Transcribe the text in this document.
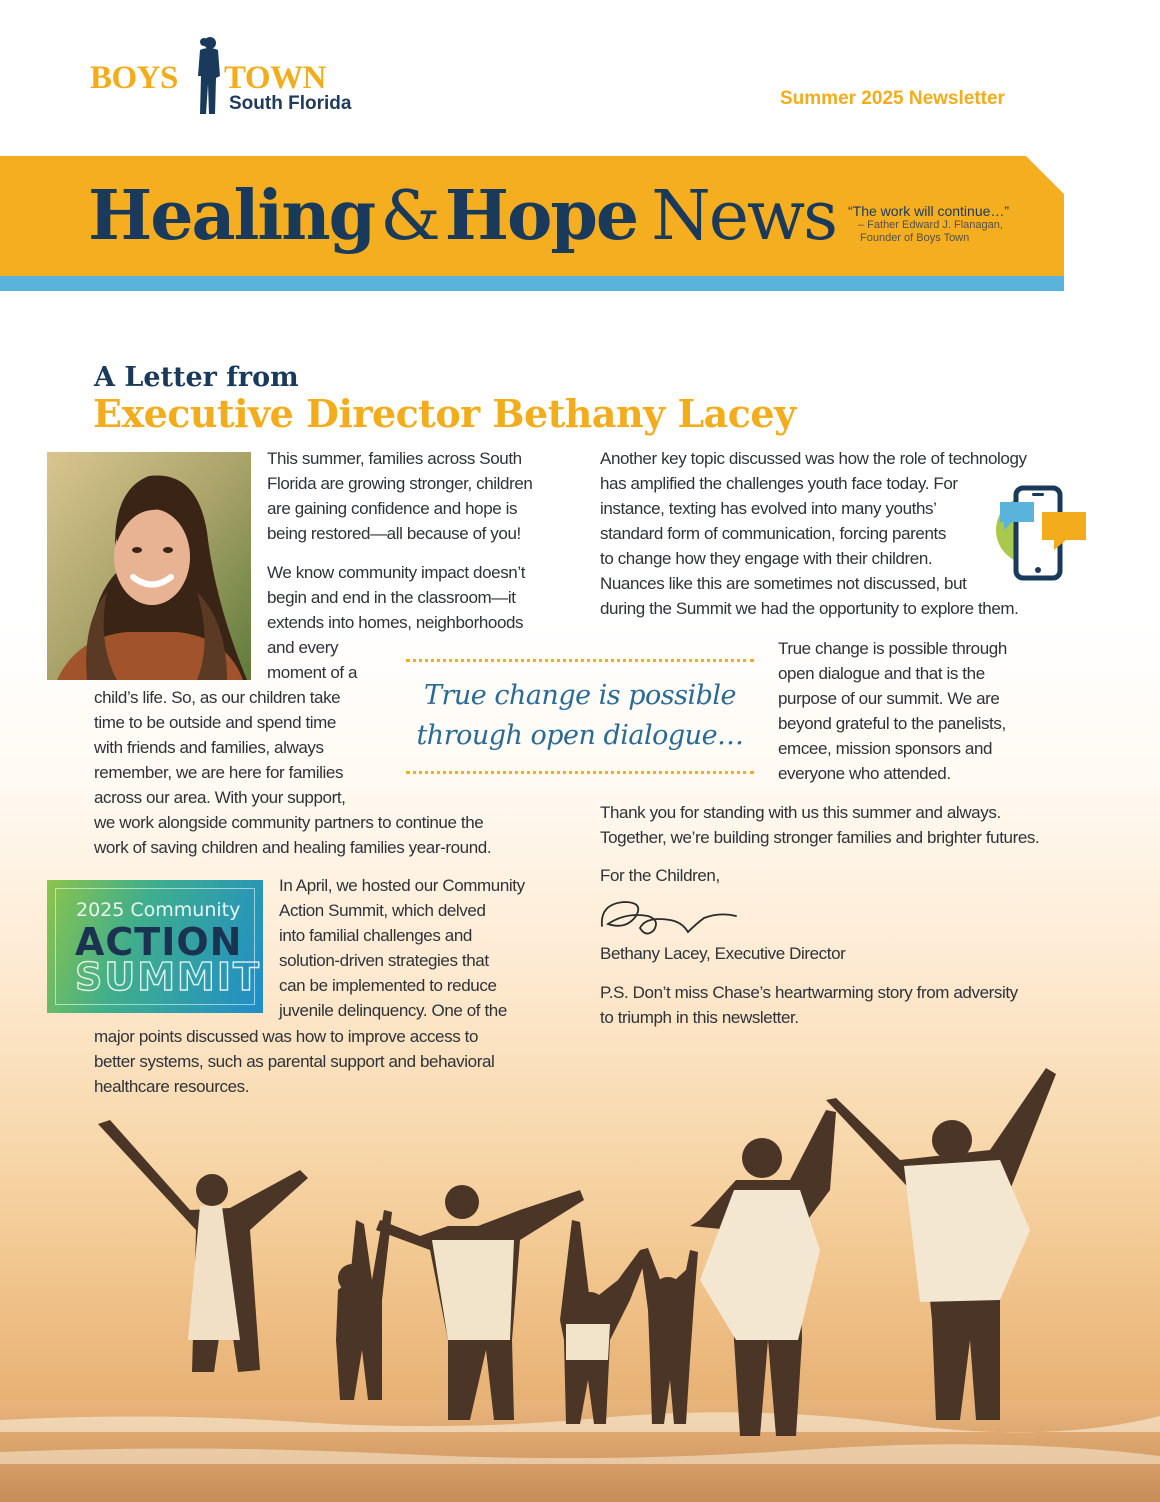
BOYS TOWN
South Florida	Summer 2025 Newsletter
Healing&Hope News “The work will continue…”
– Father Edward J. Flanagan,
Founder of Boys Town
A Letter from
Executive Director Bethany Lacey
This summer, families across South
Florida are growing stronger, children
are gaining confidence and hope is
being restored—all because of you!
We know community impact doesn’t
begin and end in the classroom—it
extends into homes, neighborhoods
and every
moment of a
child’s life. So, as our children take
time to be outside and spend time
with friends and families, always
remember, we are here for families
across our area. With your support,
we work alongside community partners to continue the
work of saving children and healing families year-round.
In April, we hosted our Community
Action Summit, which delved
into familial challenges and
solution-driven strategies that
can be implemented to reduce
juvenile delinquency. One of the
major points discussed was how to improve access to
better systems, such as parental support and behavioral
healthcare resources.
2025 Community
ACTION
SUMMIT
True change is possible
through open dialogue…
Another key topic discussed was how the role of technology
has amplified the challenges youth face today. For
instance, texting has evolved into many youths’
standard form of communication, forcing parents
to change how they engage with their children.
Nuances like this are sometimes not discussed, but
during the Summit we had the opportunity to explore them.
True change is possible through
open dialogue and that is the
purpose of our summit. We are
beyond grateful to the panelists,
emcee, mission sponsors and
everyone who attended.
Thank you for standing with us this summer and always.
Together, we’re building stronger families and brighter futures.
For the Children,
Bethany Lacey, Executive Director
P.S. Don’t miss Chase’s heartwarming story from adversity
to triumph in this newsletter.
